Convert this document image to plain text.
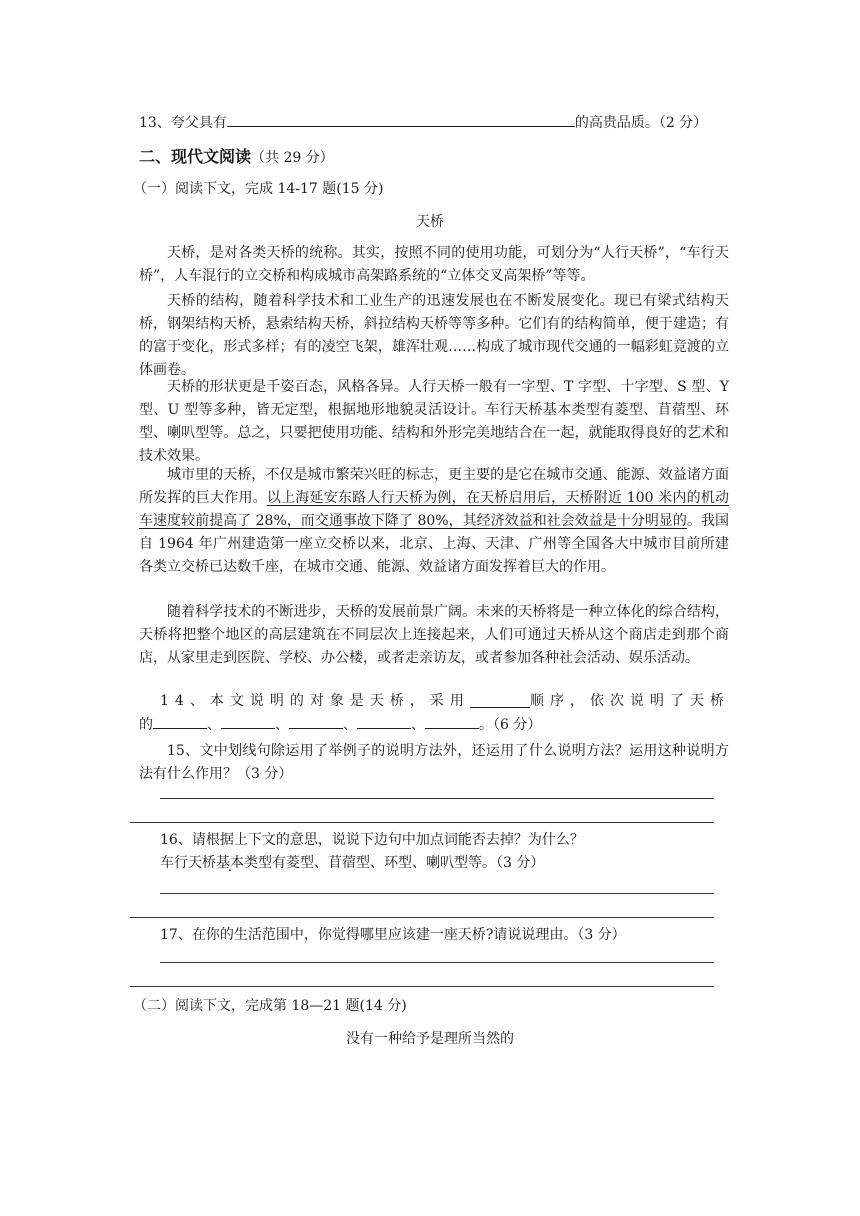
13、夸父具有	的高贵品质。（2 分）
二、现代文阅读（共 29 分）
（一）阅读下文，完成 14-17 题(15 分)
天桥
天桥，是对各类天桥的统称。其实，按照不同的使用功能，可划分为“人行天桥”，“车行天桥”，人车混行的立交桥和构成城市高架路系统的“立体交叉高架桥”等等。
天桥的结构，随着科学技术和工业生产的迅速发展也在不断发展变化。现已有梁式结构天桥，钢架结构天桥，悬索结构天桥，斜拉结构天桥等等多种。它们有的结构简单，便于建造；有的富于变化，形式多样；有的凌空飞架，雄浑壮观……构成了城市现代交通的一幅彩虹竞渡的立体画卷。
天桥的形状更是千姿百态，风格各异。人行天桥一般有一字型、T 字型、十字型、S 型、Y 型、U 型等多种，皆无定型，根据地形地貌灵活设计。车行天桥基本类型有菱型、苜蓿型、环型、喇叭型等。总之，只要把使用功能、结构和外形完美地结合在一起，就能取得良好的艺术和技术效果。
城市里的天桥，不仅是城市繁荣兴旺的标志，更主要的是它在城市交通、能源、效益诸方面所发挥的巨大作用。以上海延安东路人行天桥为例，在天桥启用后，天桥附近 100 米内的机动车速度较前提高了 28%，而交通事故下降了 80%，其经济效益和社会效益是十分明显的。我国自 1964 年广州建造第一座立交桥以来，北京、上海、天津、广州等全国各大中城市目前所建各类立交桥已达数千座，在城市交通、能源、效益诸方面发挥着巨大的作用。
随着科学技术的不断进步，天桥的发展前景广阔。未来的天桥将是一种立体化的综合结构，天桥将把整个地区的高层建筑在不同层次上连接起来，人们可通过天桥从这个商店走到那个商店，从家里走到医院、学校、办公楼，或者走亲访友，或者参加各种社会活动、娱乐活动。
14、本文说明的对象是天桥，采用	顺序，依次说明了天桥
的	、	、	、	、	。（6 分）
15、文中划线句除运用了举例子的说明方法外，还运用了什么说明方法？运用这种说明方法有什么作用？（3 分）
16、请根据上下文的意思，说说下边句中加点词能否去掉？为什么？
车行天桥基本类型有菱型、苜蓿型、环型、喇叭型等。（3 分）
17、在你的生活范围中，你觉得哪里应该建一座天桥?请说说理由。（3 分）
（二）阅读下文，完成第 18—21 题(14 分)
没有一种给予是理所当然的
